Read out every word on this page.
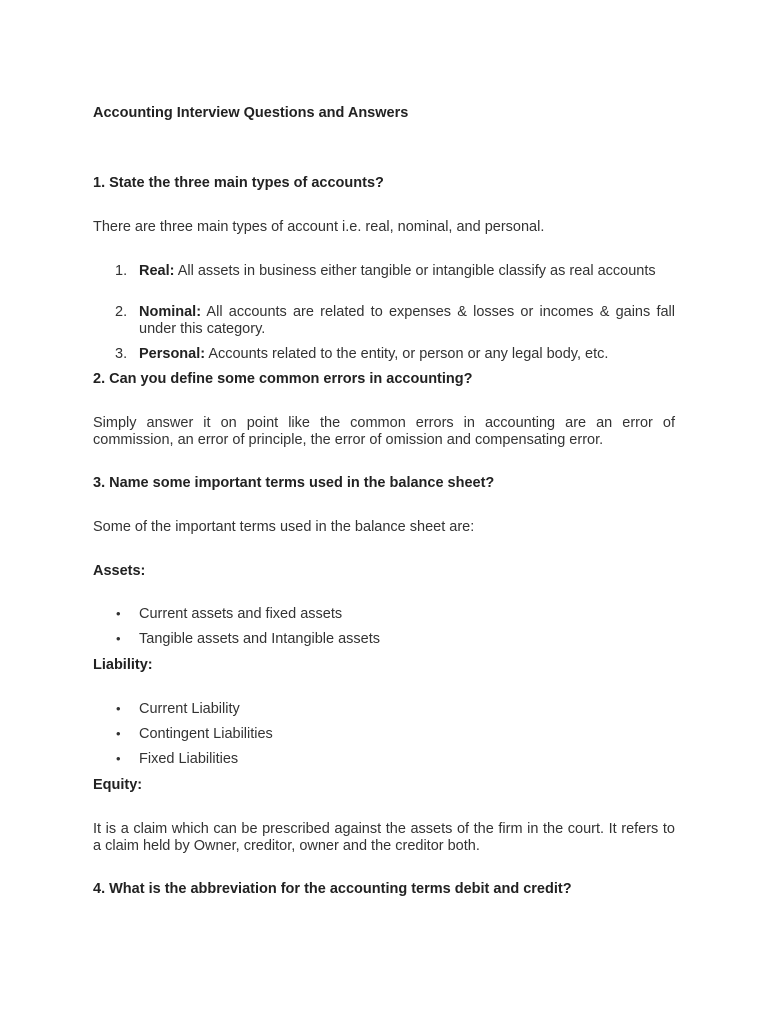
Accounting Interview Questions and Answers
1. State the three main types of accounts?
There are three main types of account i.e. real, nominal, and personal.
1. Real: All assets in business either tangible or intangible classify as real accounts
2. Nominal: All accounts are related to expenses & losses or incomes & gains fall under this category.
3. Personal: Accounts related to the entity, or person or any legal body, etc.
2. Can you define some common errors in accounting?
Simply answer it on point like the common errors in accounting are an error of commission, an error of principle, the error of omission and compensating error.
3. Name some important terms used in the balance sheet?
Some of the important terms used in the balance sheet are:
Assets:
• Current assets and fixed assets
• Tangible assets and Intangible assets
Liability:
• Current Liability
• Contingent Liabilities
• Fixed Liabilities
Equity:
It is a claim which can be prescribed against the assets of the firm in the court. It refers to a claim held by Owner, creditor, owner and the creditor both.
4. What is the abbreviation for the accounting terms debit and credit?
